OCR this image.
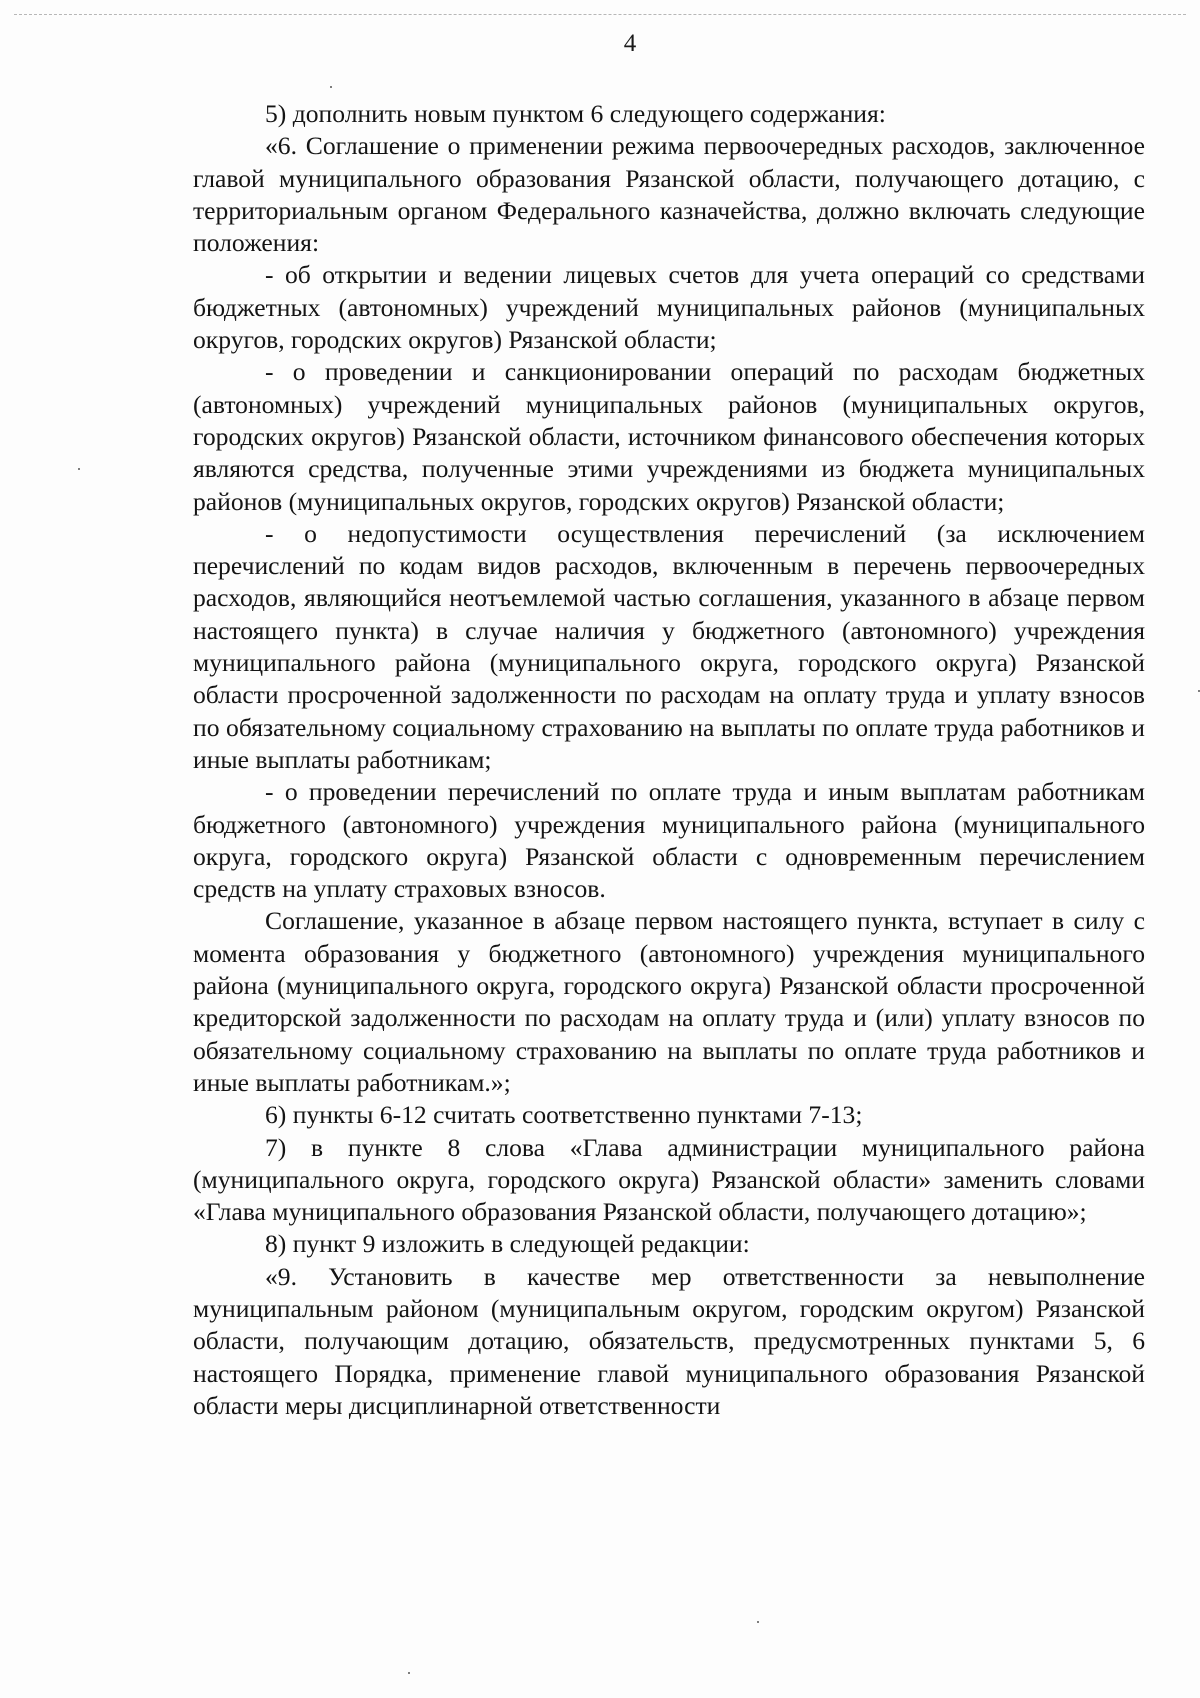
4

5) дополнить новым пунктом 6 следующего содержания:

«6. Соглашение о применении режима первоочередных расходов, заключенное главой муниципального образования Рязанской области, получающего дотацию, с территориальным органом Федерального казначейства, должно включать следующие положения:

- об открытии и ведении лицевых счетов для учета операций со средствами бюджетных (автономных) учреждений муниципальных районов (муниципальных округов, городских округов) Рязанской области;

- о проведении и санкционировании операций по расходам бюджетных (автономных) учреждений муниципальных районов (муниципальных округов, городских округов) Рязанской области, источником финансового обеспечения которых являются средства, полученные этими учреждениями из бюджета муниципальных районов (муниципальных округов, городских округов) Рязанской области;

- о недопустимости осуществления перечислений (за исключением перечислений по кодам видов расходов, включенным в перечень первоочередных расходов, являющийся неотъемлемой частью соглашения, указанного в абзаце первом настоящего пункта) в случае наличия у бюджетного (автономного) учреждения муниципального района (муниципального округа, городского округа) Рязанской области просроченной задолженности по расходам на оплату труда и уплату взносов по обязательному социальному страхованию на выплаты по оплате труда работников и иные выплаты работникам;

- о проведении перечислений по оплате труда и иным выплатам работникам бюджетного (автономного) учреждения муниципального района (муниципального округа, городского округа) Рязанской области с одновременным перечислением средств на уплату страховых взносов.

Соглашение, указанное в абзаце первом настоящего пункта, вступает в силу с момента образования у бюджетного (автономного) учреждения муниципального района (муниципального округа, городского округа) Рязанской области просроченной кредиторской задолженности по расходам на оплату труда и (или) уплату взносов по обязательному социальному страхованию на выплаты по оплате труда работников и иные выплаты работникам.»;

6) пункты 6-12 считать соответственно пунктами 7-13;

7) в пункте 8 слова «Глава администрации муниципального района (муниципального округа, городского округа) Рязанской области» заменить словами «Глава муниципального образования Рязанской области, получающего дотацию»;

8) пункт 9 изложить в следующей редакции:

«9. Установить в качестве мер ответственности за невыполнение муниципальным районом (муниципальным округом, городским округом) Рязанской области, получающим дотацию, обязательств, предусмотренных пунктами 5, 6 настоящего Порядка, применение главой муниципального образования Рязанской области меры дисциплинарной ответственности
